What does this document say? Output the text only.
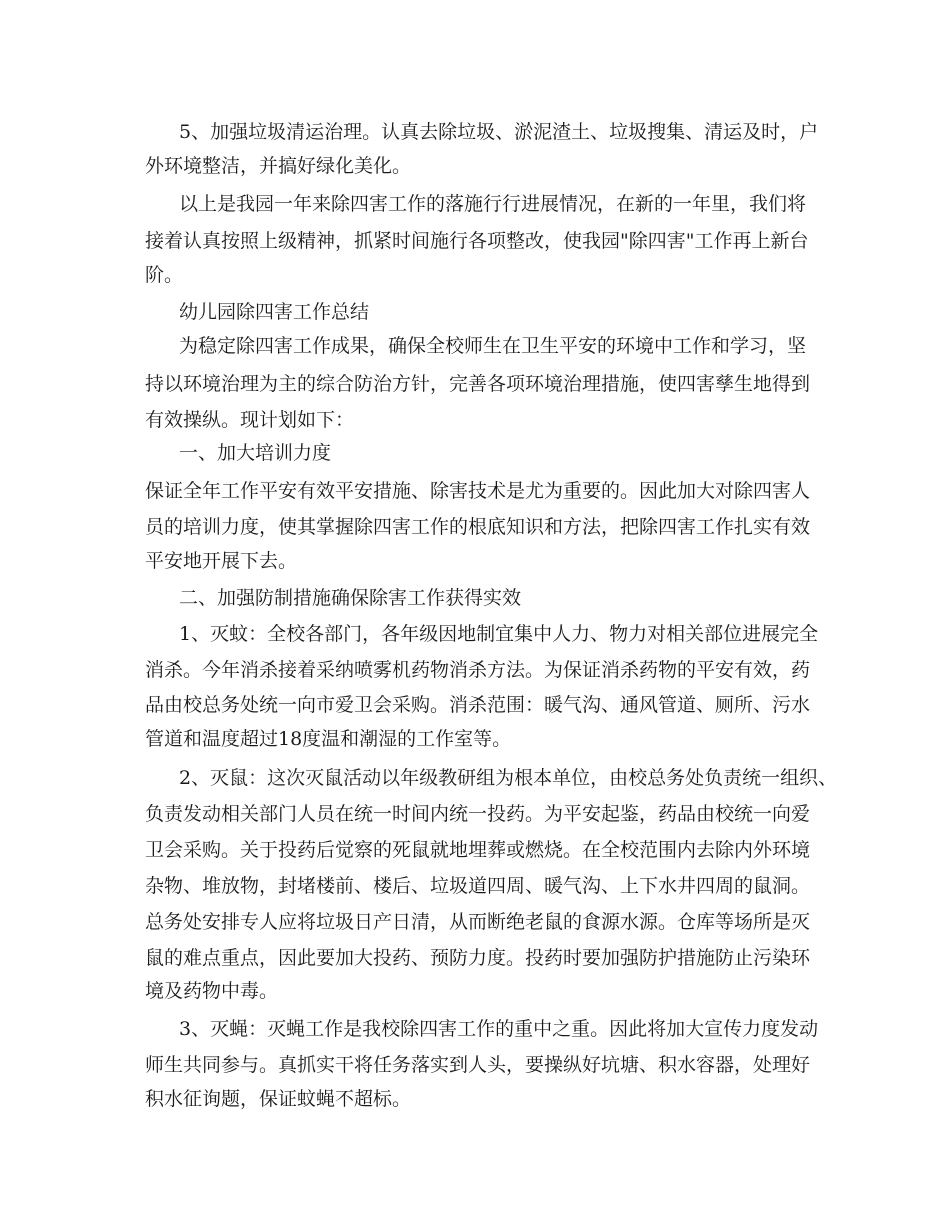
5、加强垃圾清运治理。认真去除垃圾、淤泥渣土、垃圾搜集、清运及时，户
外环境整洁，并搞好绿化美化。
以上是我园一年来除四害工作的落施行行进展情况，在新的一年里，我们将
接着认真按照上级精神，抓紧时间施行各项整改，使我园"除四害"工作再上新台
阶。
幼儿园除四害工作总结
为稳定除四害工作成果，确保全校师生在卫生平安的环境中工作和学习，坚
持以环境治理为主的综合防治方针，完善各项环境治理措施，使四害孳生地得到
有效操纵。现计划如下：
一、加大培训力度
保证全年工作平安有效平安措施、除害技术是尤为重要的。因此加大对除四害人
员的培训力度，使其掌握除四害工作的根底知识和方法，把除四害工作扎实有效
平安地开展下去。
二、加强防制措施确保除害工作获得实效
1、灭蚊：全校各部门，各年级因地制宜集中人力、物力对相关部位进展完全
消杀。今年消杀接着采纳喷雾机药物消杀方法。为保证消杀药物的平安有效，药
品由校总务处统一向市爱卫会采购。消杀范围：暖气沟、通风管道、厕所、污水
管道和温度超过18度温和潮湿的工作室等。
2、灭鼠：这次灭鼠活动以年级教研组为根本单位，由校总务处负责统一组织、
负责发动相关部门人员在统一时间内统一投药。为平安起鉴，药品由校统一向爱
卫会采购。关于投药后觉察的死鼠就地埋葬或燃烧。在全校范围内去除内外环境
杂物、堆放物，封堵楼前、楼后、垃圾道四周、暖气沟、上下水井四周的鼠洞。
总务处安排专人应将垃圾日产日清，从而断绝老鼠的食源水源。仓库等场所是灭
鼠的难点重点，因此要加大投药、预防力度。投药时要加强防护措施防止污染环
境及药物中毒。
3、灭蝇：灭蝇工作是我校除四害工作的重中之重。因此将加大宣传力度发动
师生共同参与。真抓实干将任务落实到人头，要操纵好坑塘、积水容器，处理好
积水征询题，保证蚊蝇不超标。
